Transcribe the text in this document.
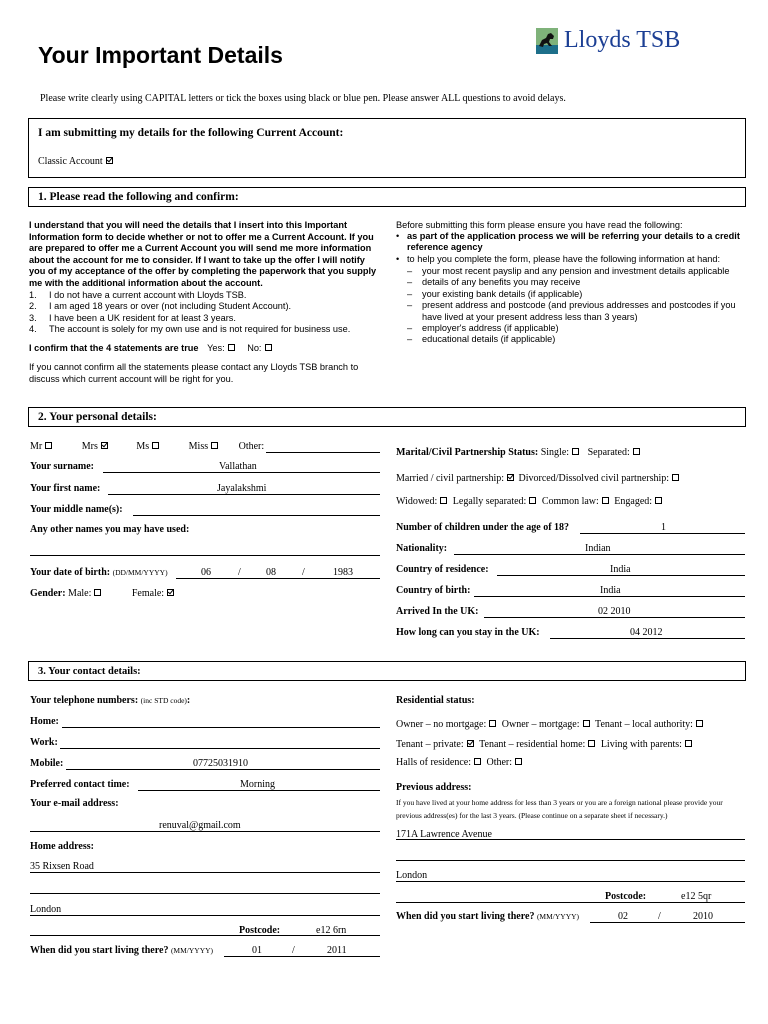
Your Important Details
Lloyds TSB
Please write clearly using CAPITAL letters or tick the boxes using black or blue pen. Please answer ALL questions to avoid delays.
I am submitting my details for the following Current Account:
Classic Account
1. Please read the following and confirm:
I understand that you will need the details that I insert into this Important Information form to decide whether or not to offer me a Current Account. If you are prepared to offer me a Current Account you will send me more information about the account for me to consider. If I want to take up the offer I will notify you of my acceptance of the offer by completing the paperwork that you supply me with the additional information about the account.
1. I do not have a current account with Lloyds TSB.
2. I am aged 18 years or over (not including Student Account).
3. I have been a UK resident for at least 3 years.
4. The account is solely for my own use and is not required for business use.
I confirm that the 4 statements are true Yes: No:
If you cannot confirm all the statements please contact any Lloyds TSB branch to discuss which current account will be right for you.
Before submitting this form please ensure you have read the following:
• as part of the application process we will be referring your details to a credit reference agency
• to help you complete the form, please have the following information at hand:
– your most recent payslip and any pension and investment details applicable
– details of any benefits you may receive
– your existing bank details (if applicable)
– present address and postcode (and previous addresses and postcodes if you have lived at your present address less than 3 years)
– employer's address (if applicable)
– educational details (if applicable)
2. Your personal details:
Mr	Mrs	Ms	Miss	Other:
Your surname:	Vallathan
Your first name:	Jayalakshmi
Your middle name(s):
Any other names you may have used:
Your date of birth: (DD/MM/YYYY)	06	/	08	/	1983
Gender: Male:	Female:
Marital/Civil Partnership Status: Single: Separated:
Married / civil partnership: Divorced/Dissolved civil partnership:
Widowed: Legally separated: Common law: Engaged:
Number of children under the age of 18?	1
Nationality:	Indian
Country of residence:	India
Country of birth:	India
Arrived In the UK:	02 2010
How long can you stay in the UK:	04 2012
3. Your contact details:
Your telephone numbers: (inc STD code):
Home:
Work:
Mobile:	07725031910
Preferred contact time:	Morning
Your e-mail address:
renuval@gmail.com
Home address:
35 Rixsen Road
London
Postcode:	e12 6rn
When did you start living there? (MM/YYYY)	01	/	2011
Residential status:
Owner – no mortgage: Owner – mortgage: Tenant – local authority:
Tenant – private: Tenant – residential home: Living with parents:
Halls of residence: Other:
Previous address:
If you have lived at your home address for less than 3 years or you are a foreign national please provide your previous address(es) for the last 3 years. (Please continue on a separate sheet if necessary.)
171A Lawrence Avenue
London
Postcode:	e12 5qr
When did you start living there? (MM/YYYY)	02	/	2010
